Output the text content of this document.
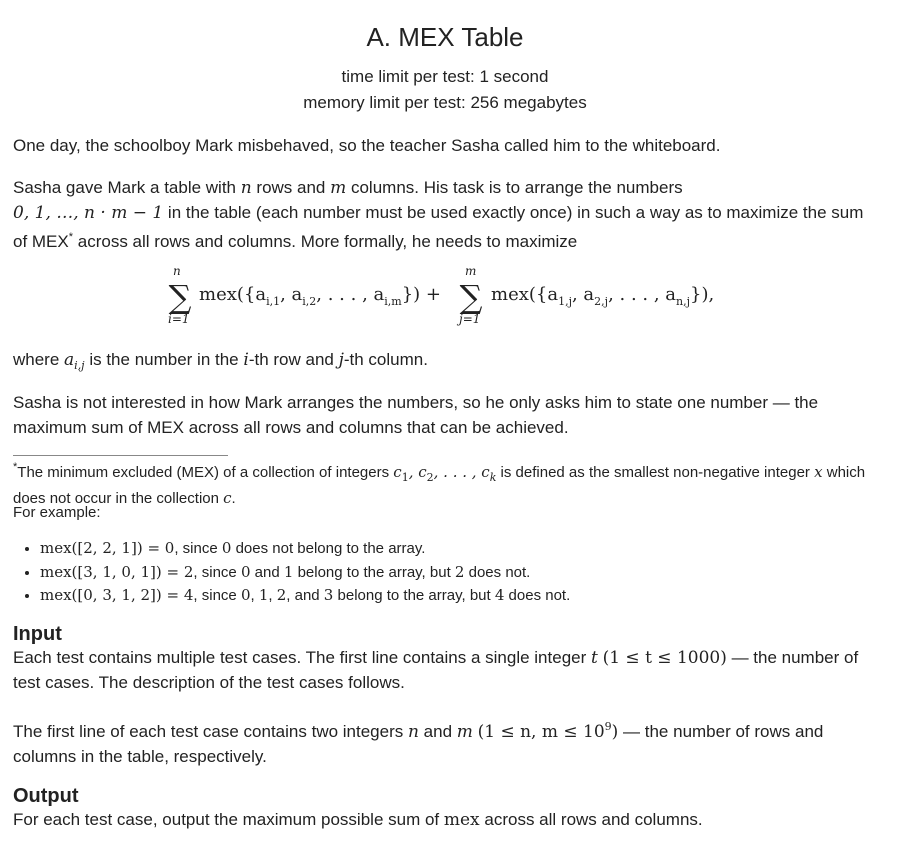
A. MEX Table
time limit per test: 1 second
memory limit per test: 256 megabytes
One day, the schoolboy Mark misbehaved, so the teacher Sasha called him to the whiteboard.
Sasha gave Mark a table with n rows and m columns. His task is to arrange the numbers
0, 1, …, n · m − 1 in the table (each number must be used exactly once) in such a way as to maximize the sum of MEX* across all rows and columns. More formally, he needs to maximize
n
∑
i=1
$mex(\{a_{i,1}$, $a_{i,2}$, . . . , $a_{i,m}$}) +
m
∑
j=1
$mex(\{a_{1,j}$, $a_{2,j}$, . . . , $a_{n,j}$}),
where $a_{i,j}$ is the number in the i-th row and j-th column.
Sasha is not interested in how Mark arranges the numbers, so he only asks him to state one number — the maximum sum of MEX across all rows and columns that can be achieved.
*The minimum excluded (MEX) of a collection of integers $c_1$, $c_2$, . . . , $c_k$ is defined as the smallest non-negative integer x which does not occur in the collection c.
For example:
• mex([2, 2, 1]) = 0, since 0 does not belong to the array.
• mex([3, 1, 0, 1]) = 2, since 0 and 1 belong to the array, but 2 does not.
• mex([0, 3, 1, 2]) = 4, since 0, 1, 2, and 3 belong to the array, but 4 does not.
Input
Each test contains multiple test cases. The first line contains a single integer t (1 ≤ t ≤ 1000) — the number of test cases. The description of the test cases follows.
The first line of each test case contains two integers n and m (1 ≤ n, $m \le 10^9$) — the number of rows and columns in the table, respectively.
Output
For each test case, output the maximum possible sum of mex across all rows and columns.
